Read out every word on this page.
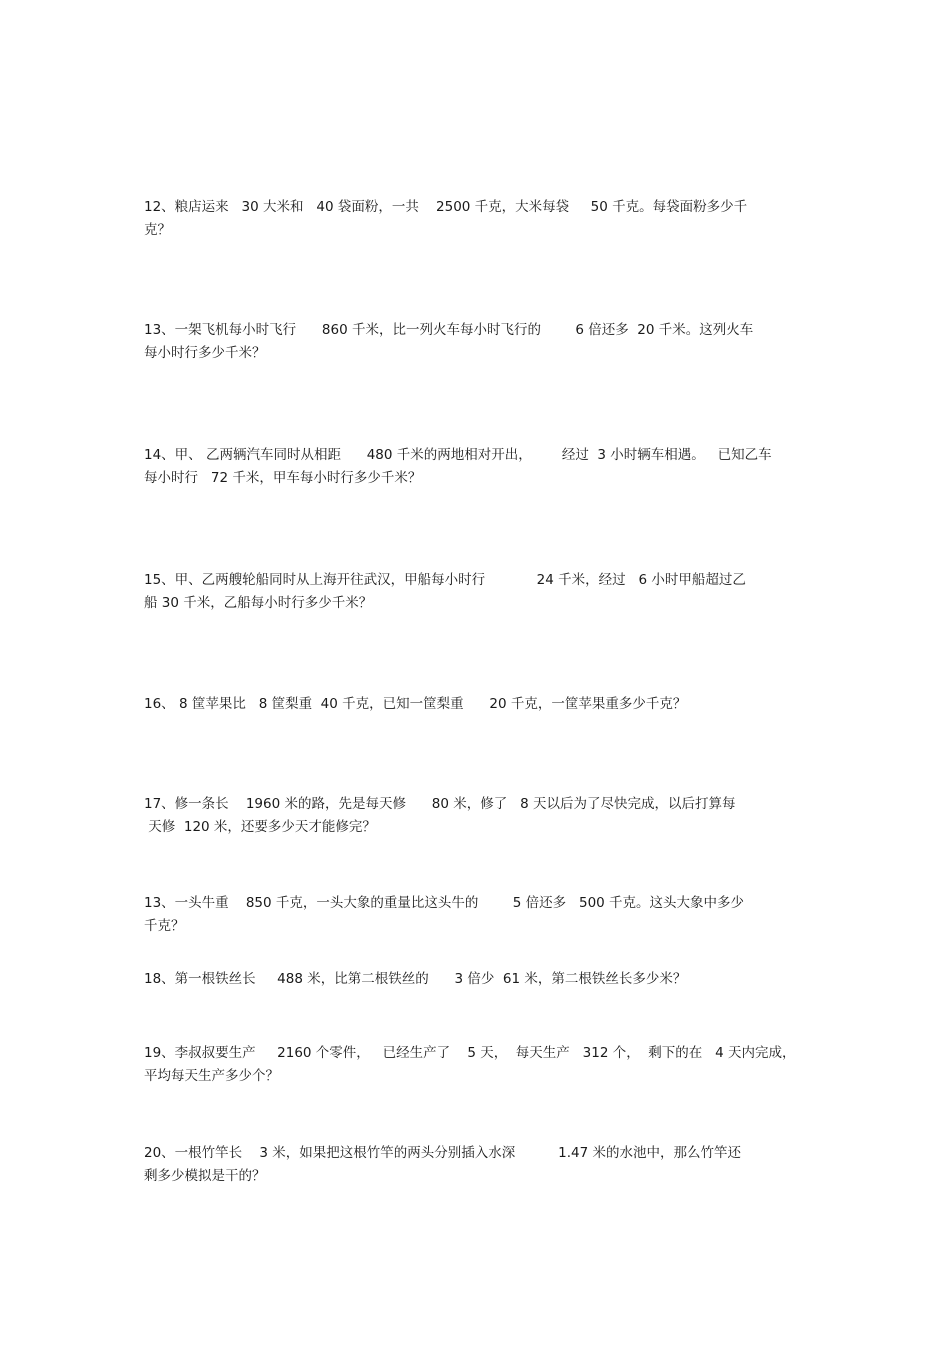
12、粮店运来   30 大米和   40 袋面粉，一共    2500 千克，大米每袋     50 千克。每袋面粉多少千
克？

13、一架飞机每小时飞行      860 千米，比一列火车每小时飞行的        6 倍还多  20 千米。这列火车
每小时行多少千米？

14、甲、 乙两辆汽车同时从相距      480 千米的两地相对开出，       经过  3 小时辆车相遇。   已知乙车
每小时行   72 千米，甲车每小时行多少千米？

15、甲、乙两艘轮船同时从上海开往武汉，甲船每小时行            24 千米，经过   6 小时甲船超过乙
船 30 千米，乙船每小时行多少千米？

16、 8 筐苹果比   8 筐梨重  40 千克，已知一筐梨重      20 千克，一筐苹果重多少千克？

17、修一条长    1960 米的路，先是每天修      80 米，修了   8 天以后为了尽快完成，以后打算每
天修  120 米，还要多少天才能修完？

13、一头牛重    850 千克，一头大象的重量比这头牛的        5 倍还多   500 千克。这头大象中多少
千克？

18、第一根铁丝长     488 米，比第二根铁丝的      3 倍少  61 米，第二根铁丝长多少米？

19、李叔叔要生产     2160 个零件，   已经生产了    5 天，  每天生产   312 个，  剩下的在   4 天内完成，
平均每天生产多少个？

20、一根竹竿长    3 米，如果把这根竹竿的两头分别插入水深          1.47 米的水池中，那么竹竿还
剩多少模拟是干的？
